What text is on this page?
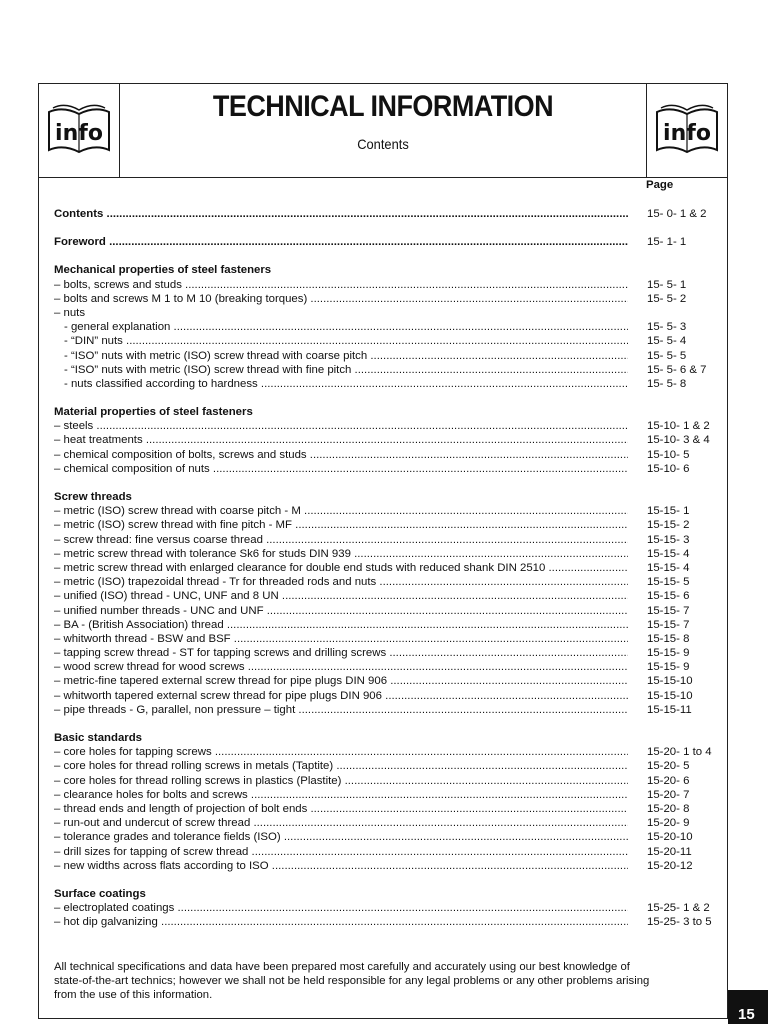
info
TECHNICAL INFORMATION
Contents	info
Page
Contents .....	15- 0- 1 & 2
Foreword .....	15- 1- 1
Mechanical properties of steel fasteners
– bolts, screws and studs .....	15- 5- 1
– bolts and screws M 1 to M 10 (breaking torques) .....	15- 5- 2
– nuts
- general explanation .....	15- 5- 3
- “DIN” nuts .....	15- 5- 4
- “ISO” nuts with metric (ISO) screw thread with coarse pitch .....	15- 5- 5
- “ISO” nuts with metric (ISO) screw thread with fine pitch .....	15- 5- 6 & 7
- nuts classified according to hardness .....	15- 5- 8
Material properties of steel fasteners
– steels .....	15-10- 1 & 2
– heat treatments .....	15-10- 3 & 4
– chemical composition of bolts, screws and studs .....	15-10- 5
– chemical composition of nuts .....	15-10- 6
Screw threads
– metric (ISO) screw thread with coarse pitch - M .....	15-15- 1
– metric (ISO) screw thread with fine pitch - MF .....	15-15- 2
– screw thread: fine versus coarse thread .....	15-15- 3
– metric screw thread with tolerance Sk6 for studs DIN 939 .....	15-15- 4
– metric screw thread with enlarged clearance for double end studs with reduced shank DIN 2510 .....	15-15- 4
– metric (ISO) trapezoidal thread - Tr for threaded rods and nuts .....	15-15- 5
– unified (ISO) thread - UNC, UNF and 8 UN .....	15-15- 6
– unified number threads - UNC and UNF .....	15-15- 7
– BA - (British Association) thread .....	15-15- 7
– whitworth thread - BSW and BSF .....	15-15- 8
– tapping screw thread - ST for tapping screws and drilling screws .....	15-15- 9
– wood screw thread for wood screws .....	15-15- 9
– metric-fine tapered external screw thread for pipe plugs DIN 906 .....	15-15-10
– whitworth tapered external screw thread for pipe plugs DIN 906 .....	15-15-10
– pipe threads - G, parallel, non pressure – tight .....	15-15-11
Basic standards
– core holes for tapping screws .....	15-20- 1 to 4
– core holes for thread rolling screws in metals (Taptite) .....	15-20- 5
– core holes for thread rolling screws in plastics (Plastite) .....	15-20- 6
– clearance holes for bolts and screws .....	15-20- 7
– thread ends and length of projection of bolt ends .....	15-20- 8
– run-out and undercut of screw thread .....	15-20- 9
– tolerance grades and tolerance fields (ISO) .....	15-20-10
– drill sizes for tapping of screw thread .....	15-20-11
– new widths across flats according to ISO .....	15-20-12
Surface coatings
– electroplated coatings .....	15-25- 1 & 2
– hot dip galvanizing .....	15-25- 3 to 5
All technical specifications and data have been prepared most carefully and accurately using our best knowledge of
state-of-the-art technics; however we shall not be held responsible for any legal problems or any other problems arising
from the use of this information.
15
